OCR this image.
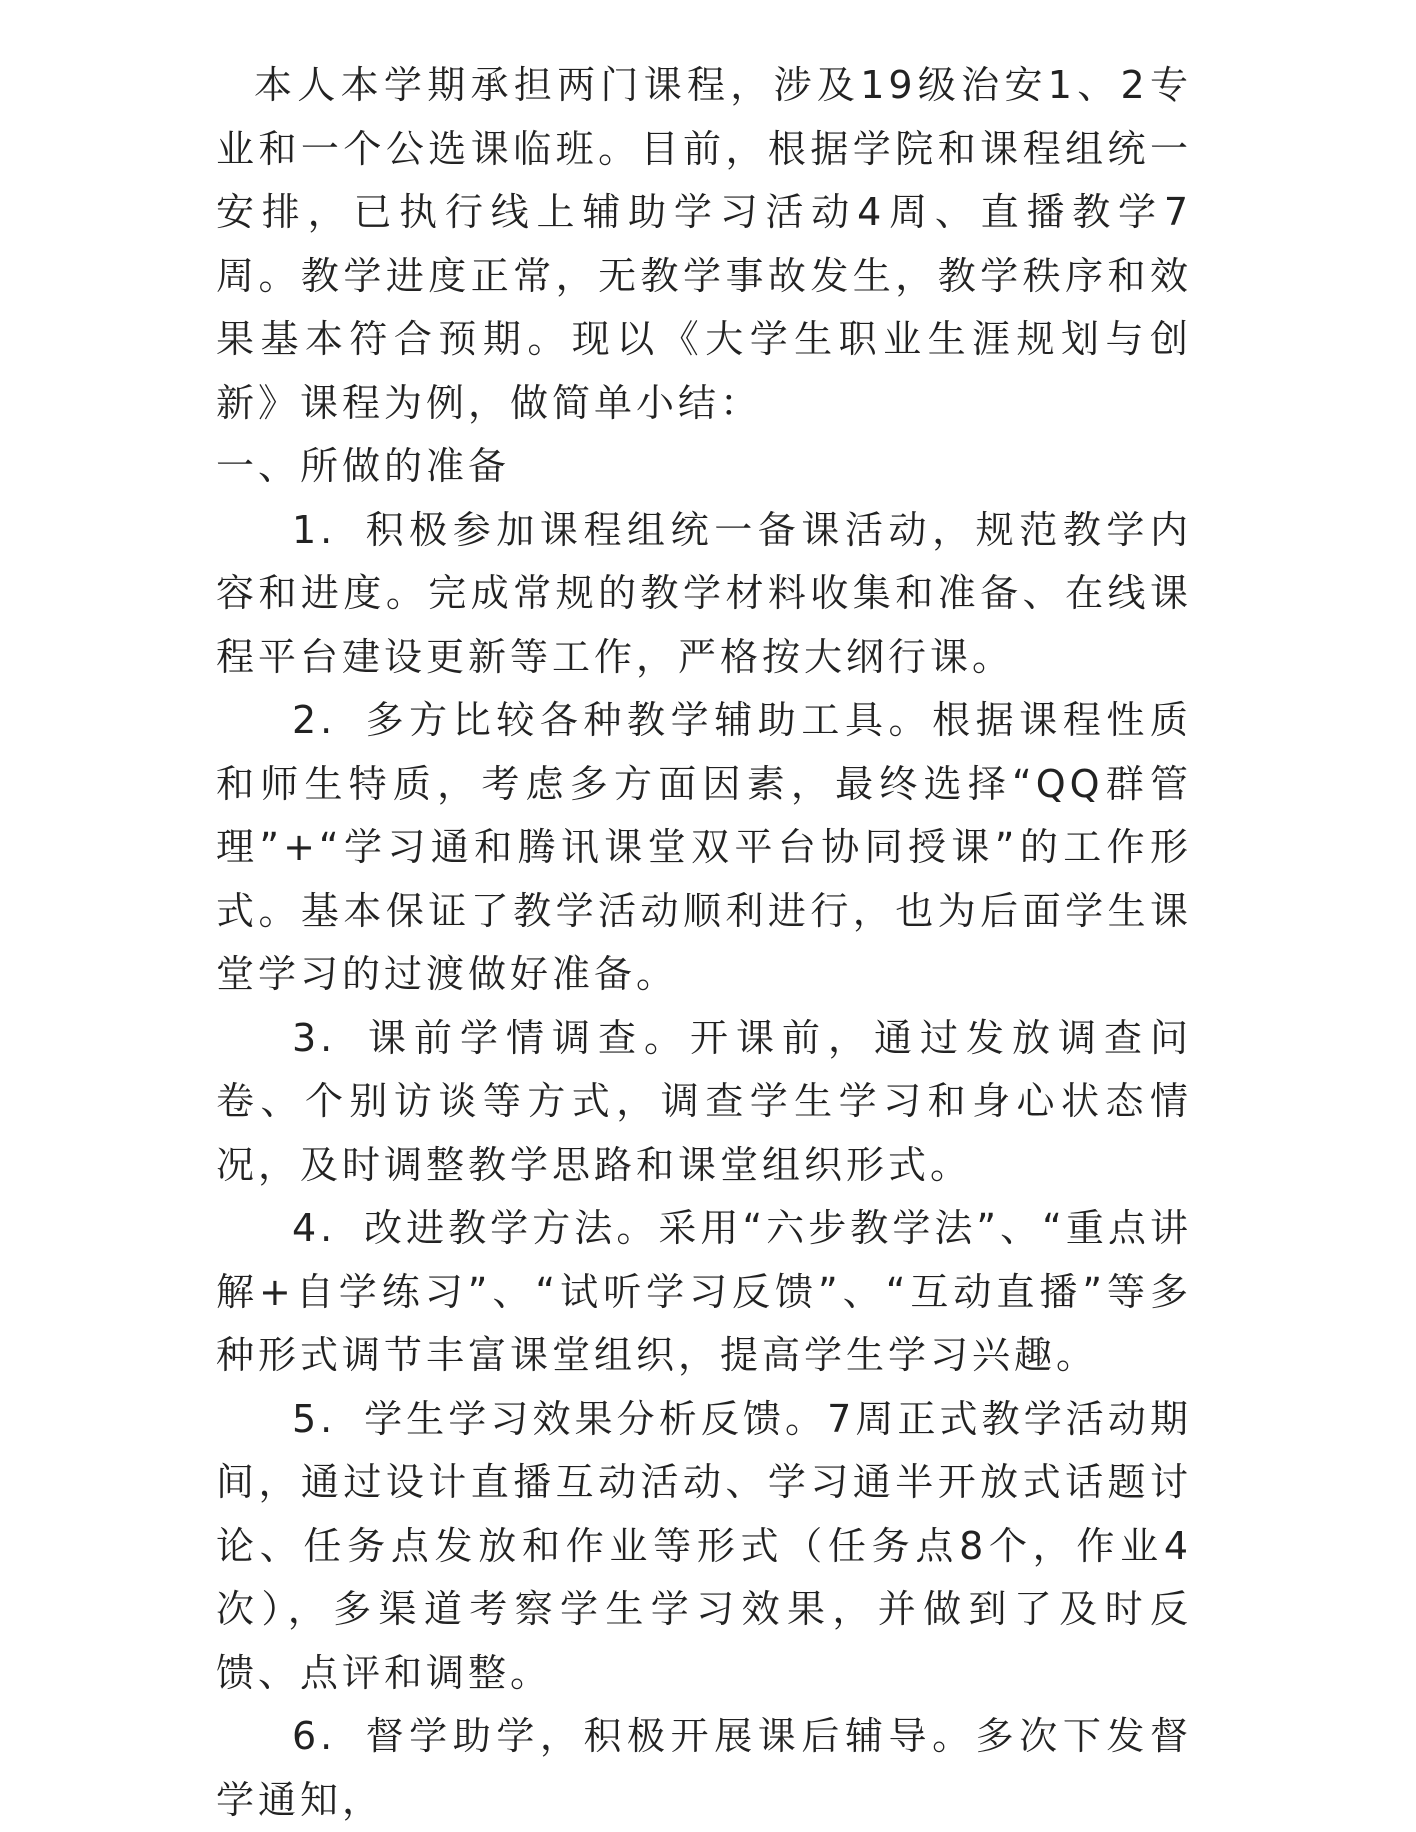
本人本学期承担两门课程，涉及19级治安1、2专业和一个公选课临班。目前，根据学院和课程组统一安排，已执行线上辅助学习活动4周、直播教学7周。教学进度正常，无教学事故发生，教学秩序和效果基本符合预期。现以《大学生职业生涯规划与创新》课程为例，做简单小结：

一、所做的准备

1. 积极参加课程组统一备课活动，规范教学内容和进度。完成常规的教学材料收集和准备、在线课程平台建设更新等工作，严格按大纲行课。

2. 多方比较各种教学辅助工具。根据课程性质和师生特质，考虑多方面因素，最终选择“QQ群管理”+“学习通和腾讯课堂双平台协同授课”的工作形式。基本保证了教学活动顺利进行，也为后面学生课堂学习的过渡做好准备。

3. 课前学情调查。开课前，通过发放调查问卷、个别访谈等方式，调查学生学习和身心状态情况，及时调整教学思路和课堂组织形式。

4. 改进教学方法。采用“六步教学法”、“重点讲解+自学练习”、“试听学习反馈”、“互动直播”等多种形式调节丰富课堂组织，提高学生学习兴趣。

5. 学生学习效果分析反馈。7周正式教学活动期间，通过设计直播互动活动、学习通半开放式话题讨论、任务点发放和作业等形式（任务点8个，作业4次），多渠道考察学生学习效果，并做到了及时反馈、点评和调整。

6. 督学助学，积极开展课后辅导。多次下发督学通知，
